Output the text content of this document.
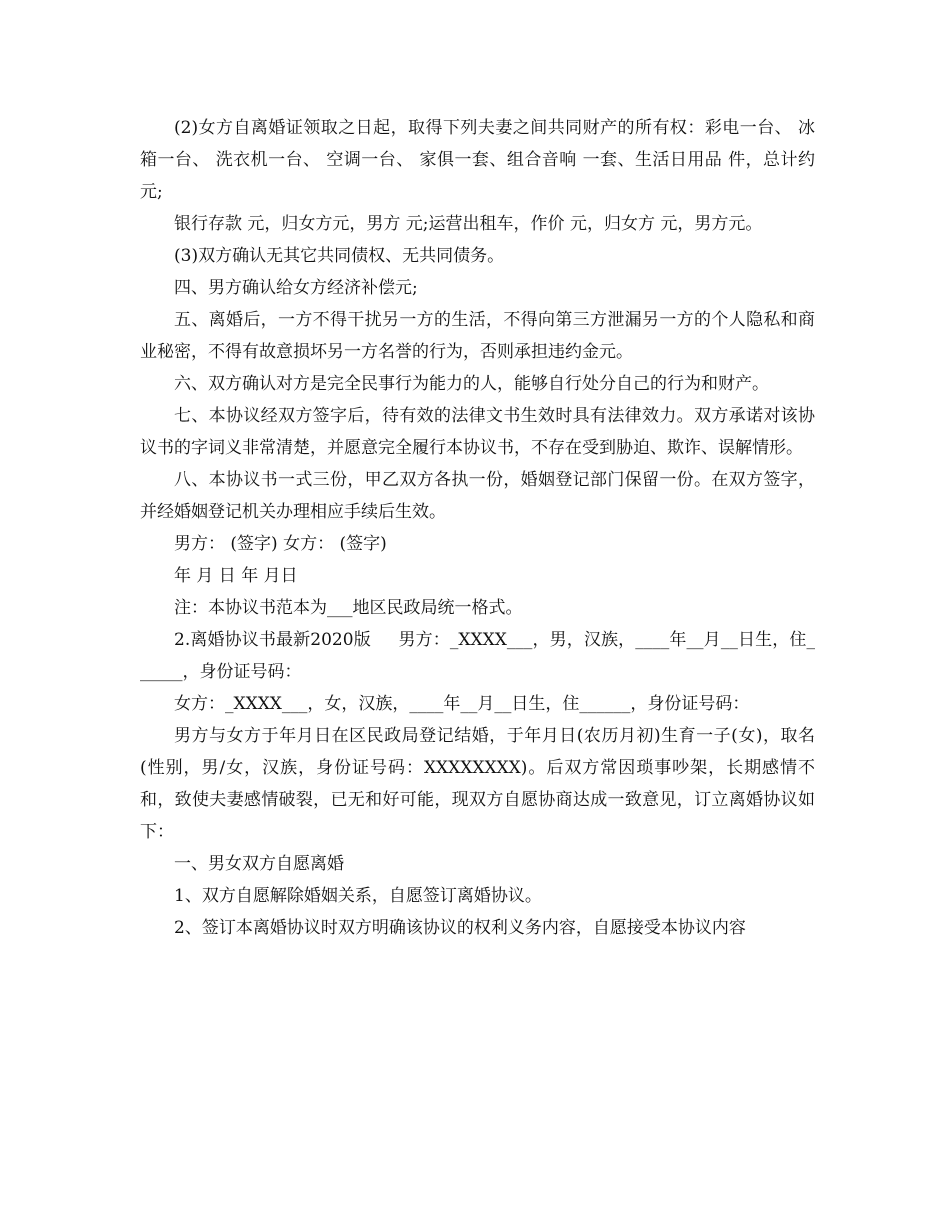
(2)女方自离婚证领取之日起，取得下列夫妻之间共同财产的所有权：彩电一台、 冰箱一台、 洗衣机一台、 空调一台、 家俱一套、组合音响 一套、生活日用品 件，总计约 元;

银行存款 元，归女方元，男方 元;运营出租车，作价 元，归女方 元，男方元。

(3)双方确认无其它共同债权、无共同债务。

四、男方确认给女方经济补偿元;

五、离婚后，一方不得干扰另一方的生活，不得向第三方泄漏另一方的个人隐私和商业秘密，不得有故意损坏另一方名誉的行为，否则承担违约金元。

六、双方确认对方是完全民事行为能力的人，能够自行处分自己的行为和财产。

七、本协议经双方签字后，待有效的法律文书生效时具有法律效力。双方承诺对该协议书的字词义非常清楚，并愿意完全履行本协议书，不存在受到胁迫、欺诈、误解情形。

八、本协议书一式三份，甲乙双方各执一份，婚姻登记部门保留一份。在双方签字，并经婚姻登记机关办理相应手续后生效。

男方： (签字) 女方： (签字)

年 月 日 年 月日

注：本协议书范本为___地区民政局统一格式。

2.离婚协议书最新2020版     男方：_XXXX___，男，汉族，____年__月__日生，住______，身份证号码：

女方：_XXXX___，女，汉族，____年__月__日生，住______，身份证号码：

男方与女方于年月日在区民政局登记结婚，于年月日(农历月初)生育一子(女)，取名(性别，男/女，汉族，身份证号码：XXXXXXXX)。后双方常因琐事吵架，长期感情不和，致使夫妻感情破裂，已无和好可能，现双方自愿协商达成一致意见，订立离婚协议如下：

一、男女双方自愿离婚

1、双方自愿解除婚姻关系，自愿签订离婚协议。

2、签订本离婚协议时双方明确该协议的权利义务内容，自愿接受本协议内容
